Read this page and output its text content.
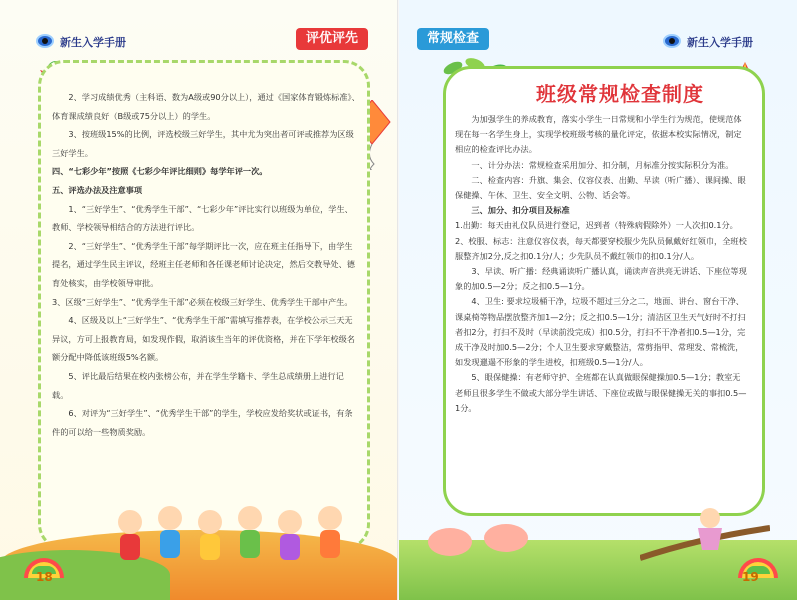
新生入学手册	评优评先

2、学习成绩优秀（主科语、数为A级或90分以上），通过《国家体育锻炼标准》、体育课成绩良好（B级或75分以上）的学生。

3、按班级15%的比例，评选校级三好学生，其中尤为突出者可评或推荐为区级三好学生。

四、“七彩少年”按照《七彩少年评比细则》每学年评一次。

五、评选办法及注意事项

1、“三好学生”、“优秀学生干部”、“七彩少年”评比实行以班级为单位，学生、教师、学校领导相结合的方法进行评比。

2、“三好学生”、“优秀学生干部”每学期评比一次，应在班主任指导下，由学生提名，通过学生民主评议，经班主任老师和各任课老师讨论决定，然后交教导处、德育处核实，由学校领导审批。

3、区级“三好学生”、“优秀学生干部”必须在校级三好学生、优秀学生干部中产生。

4、区级及以上“三好学生”、“优秀学生干部”需填写推荐表，在学校公示三天无异议，方可上报教育局，如发现作假，取消该生当年的评优资格，并在下学年校级名额分配中降低该班级5%名额。

5、评比最后结果在校内张榜公布，并在学生学籍卡、学生总成绩册上进行记载。

6、对评为“三好学生”、“优秀学生干部”的学生，学校应发给奖状或证书，有条件的可以给一些物质奖励。

18
常规检查	新生入学手册
班级常规检查制度

为加强学生的养成教育，落实小学生一日常规和小学生行为规范，使规范体现在每一名学生身上，实现学校班级考核的量化评定，依据本校实际情况，制定相应的检查评比办法。

一、计分办法：常规检查采用加分、扣分制，月标准分按实际积分为准。

二、检查内容：升旗、集会、仪容仪表、出勤、早读（听广播）、课间操、眼保健操、午休、卫生、安全文明、公物、话会等。

三、加分、扣分项目及标准

1.出勤：每天由礼仪队员进行登记，迟到者（特殊病假除外）一人次扣0.1分。

2、校服、标志：注意仪容仪表，每天都要穿校服少先队员佩戴好红领巾，全班校服整齐加2分,反之扣0.1分/人；少先队员不戴红领巾的扣0.1分/人。

3、早读、听广播：经典诵读听广播认真，诵读声音洪亮无讲话、下座位等现象的加0.5—2分；反之扣0.5—1分。

4、卫生: 要求垃圾桶干净，垃圾不超过三分之二，地面、讲台、窗台干净、课桌椅等物品摆放整齐加1—2分；反之扣0.5—1分；清洁区卫生天气好时不打扫者扣2分，打扫不及时（早读前没完成）扣0.5分，打扫不干净者扣0.5—1分，完成干净及时加0.5—2分；个人卫生要求穿戴整洁，常剪指甲、常理发、常梳洗，如发现邋遢不形象的学生进校，扣班级0.5—1分/人。

5、眼保健操：有老师守护、全班都在认真做眼保健操加0.5—1分；教室无老师且很多学生不做或大部分学生讲话、下座位或做与眼保健操无关的事扣0.5—1分。

19
